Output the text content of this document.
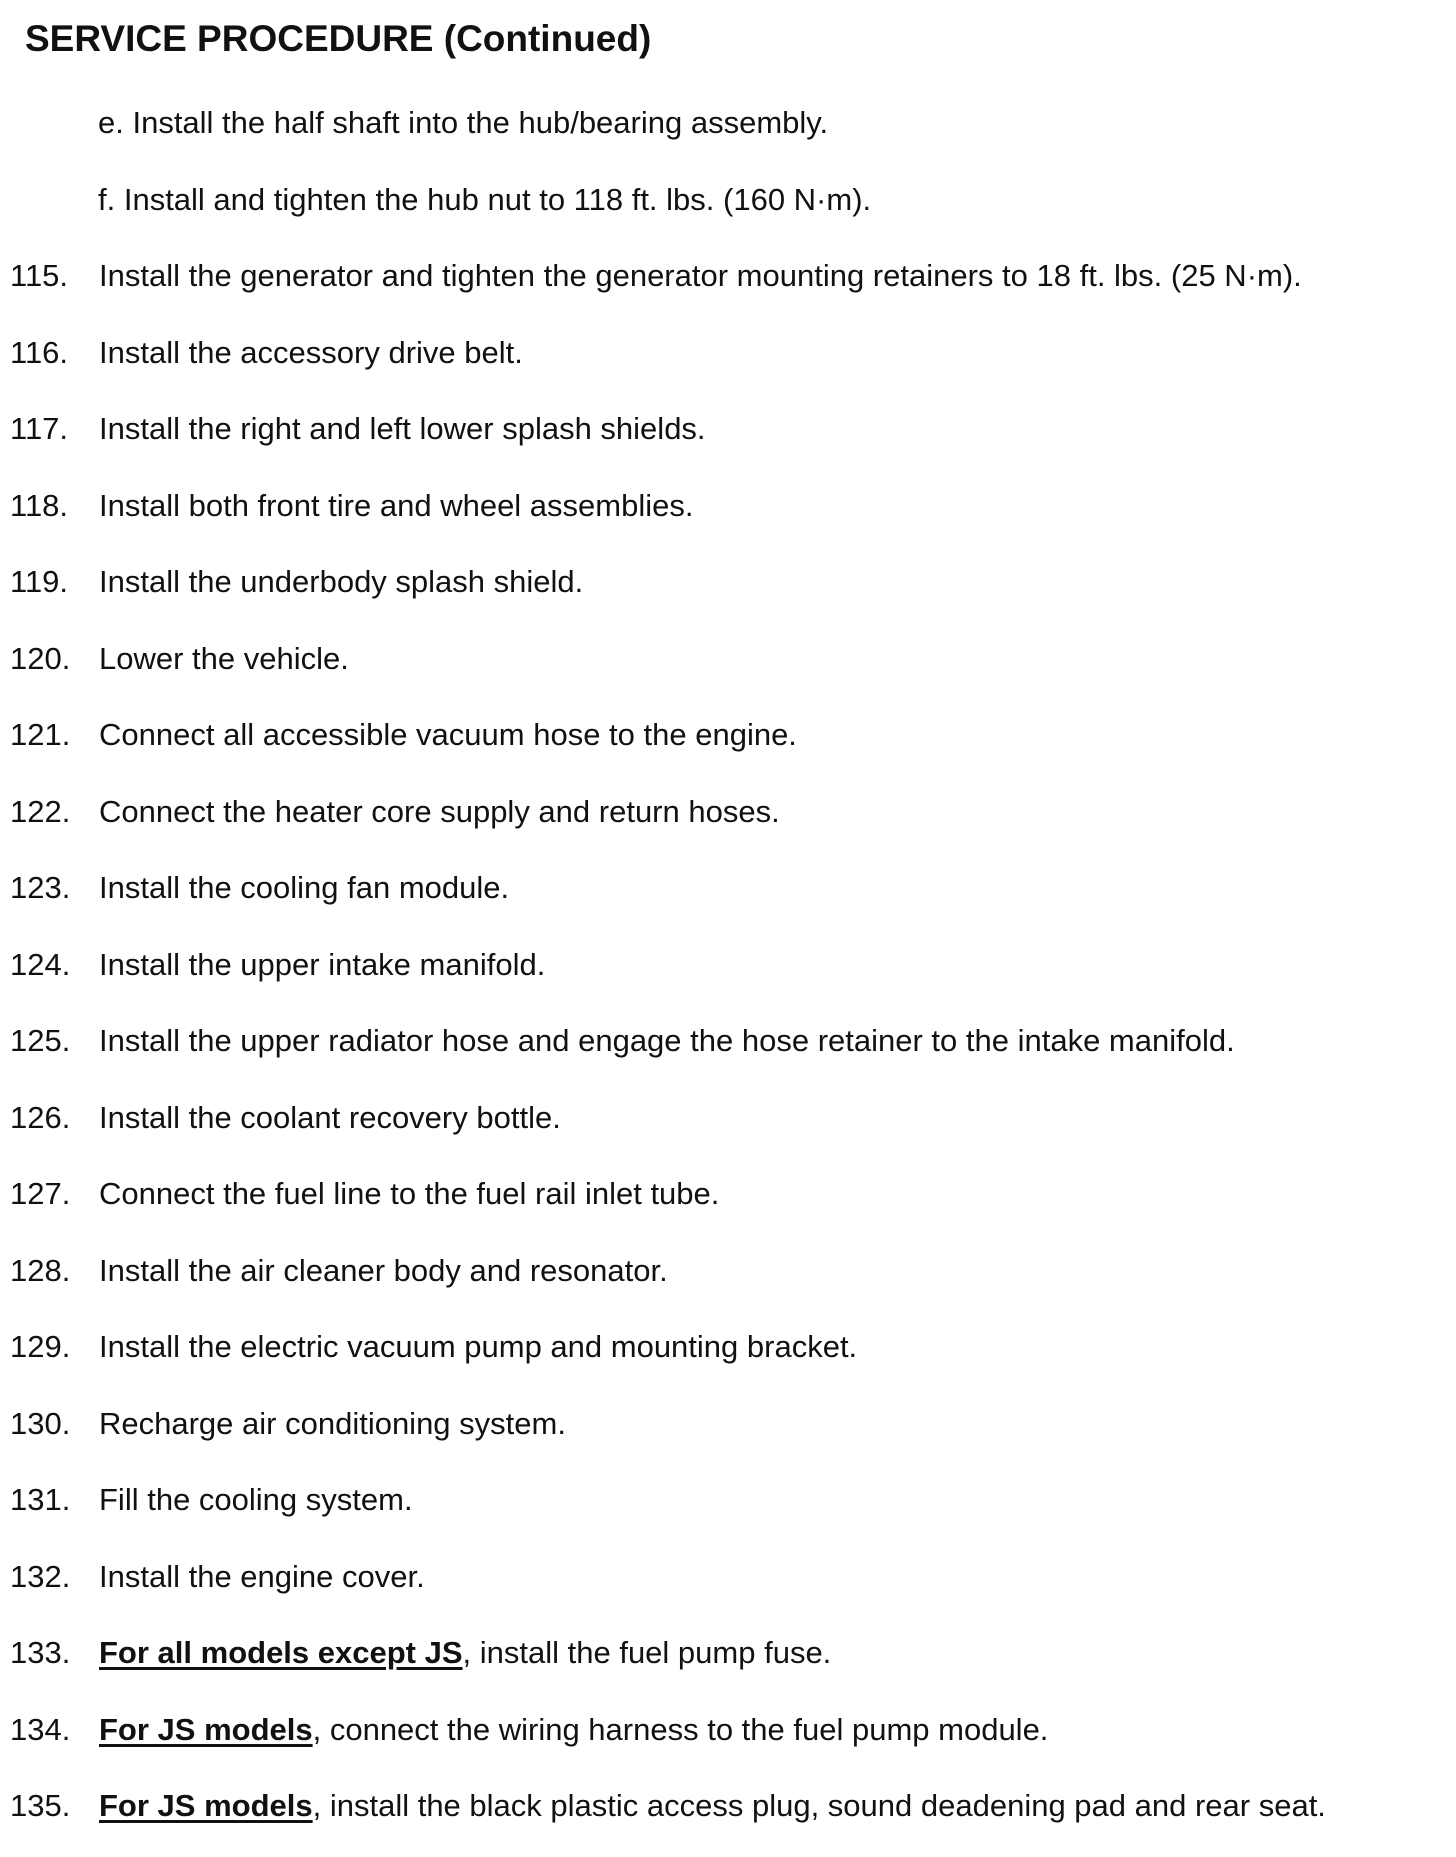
SERVICE PROCEDURE (Continued)
e. Install the half shaft into the hub/bearing assembly.
f. Install and tighten the hub nut to 118 ft. lbs. (160 N·m).
115. Install the generator and tighten the generator mounting retainers to 18 ft. lbs. (25 N·m).
116. Install the accessory drive belt.
117. Install the right and left lower splash shields.
118. Install both front tire and wheel assemblies.
119. Install the underbody splash shield.
120. Lower the vehicle.
121. Connect all accessible vacuum hose to the engine.
122. Connect the heater core supply and return hoses.
123. Install the cooling fan module.
124. Install the upper intake manifold.
125. Install the upper radiator hose and engage the hose retainer to the intake manifold.
126. Install the coolant recovery bottle.
127. Connect the fuel line to the fuel rail inlet tube.
128. Install the air cleaner body and resonator.
129. Install the electric vacuum pump and mounting bracket.
130. Recharge air conditioning system.
131. Fill the cooling system.
132. Install the engine cover.
133. For all models except JS, install the fuel pump fuse.
134. For JS models, connect the wiring harness to the fuel pump module.
135. For JS models, install the black plastic access plug, sound deadening pad and rear seat.
